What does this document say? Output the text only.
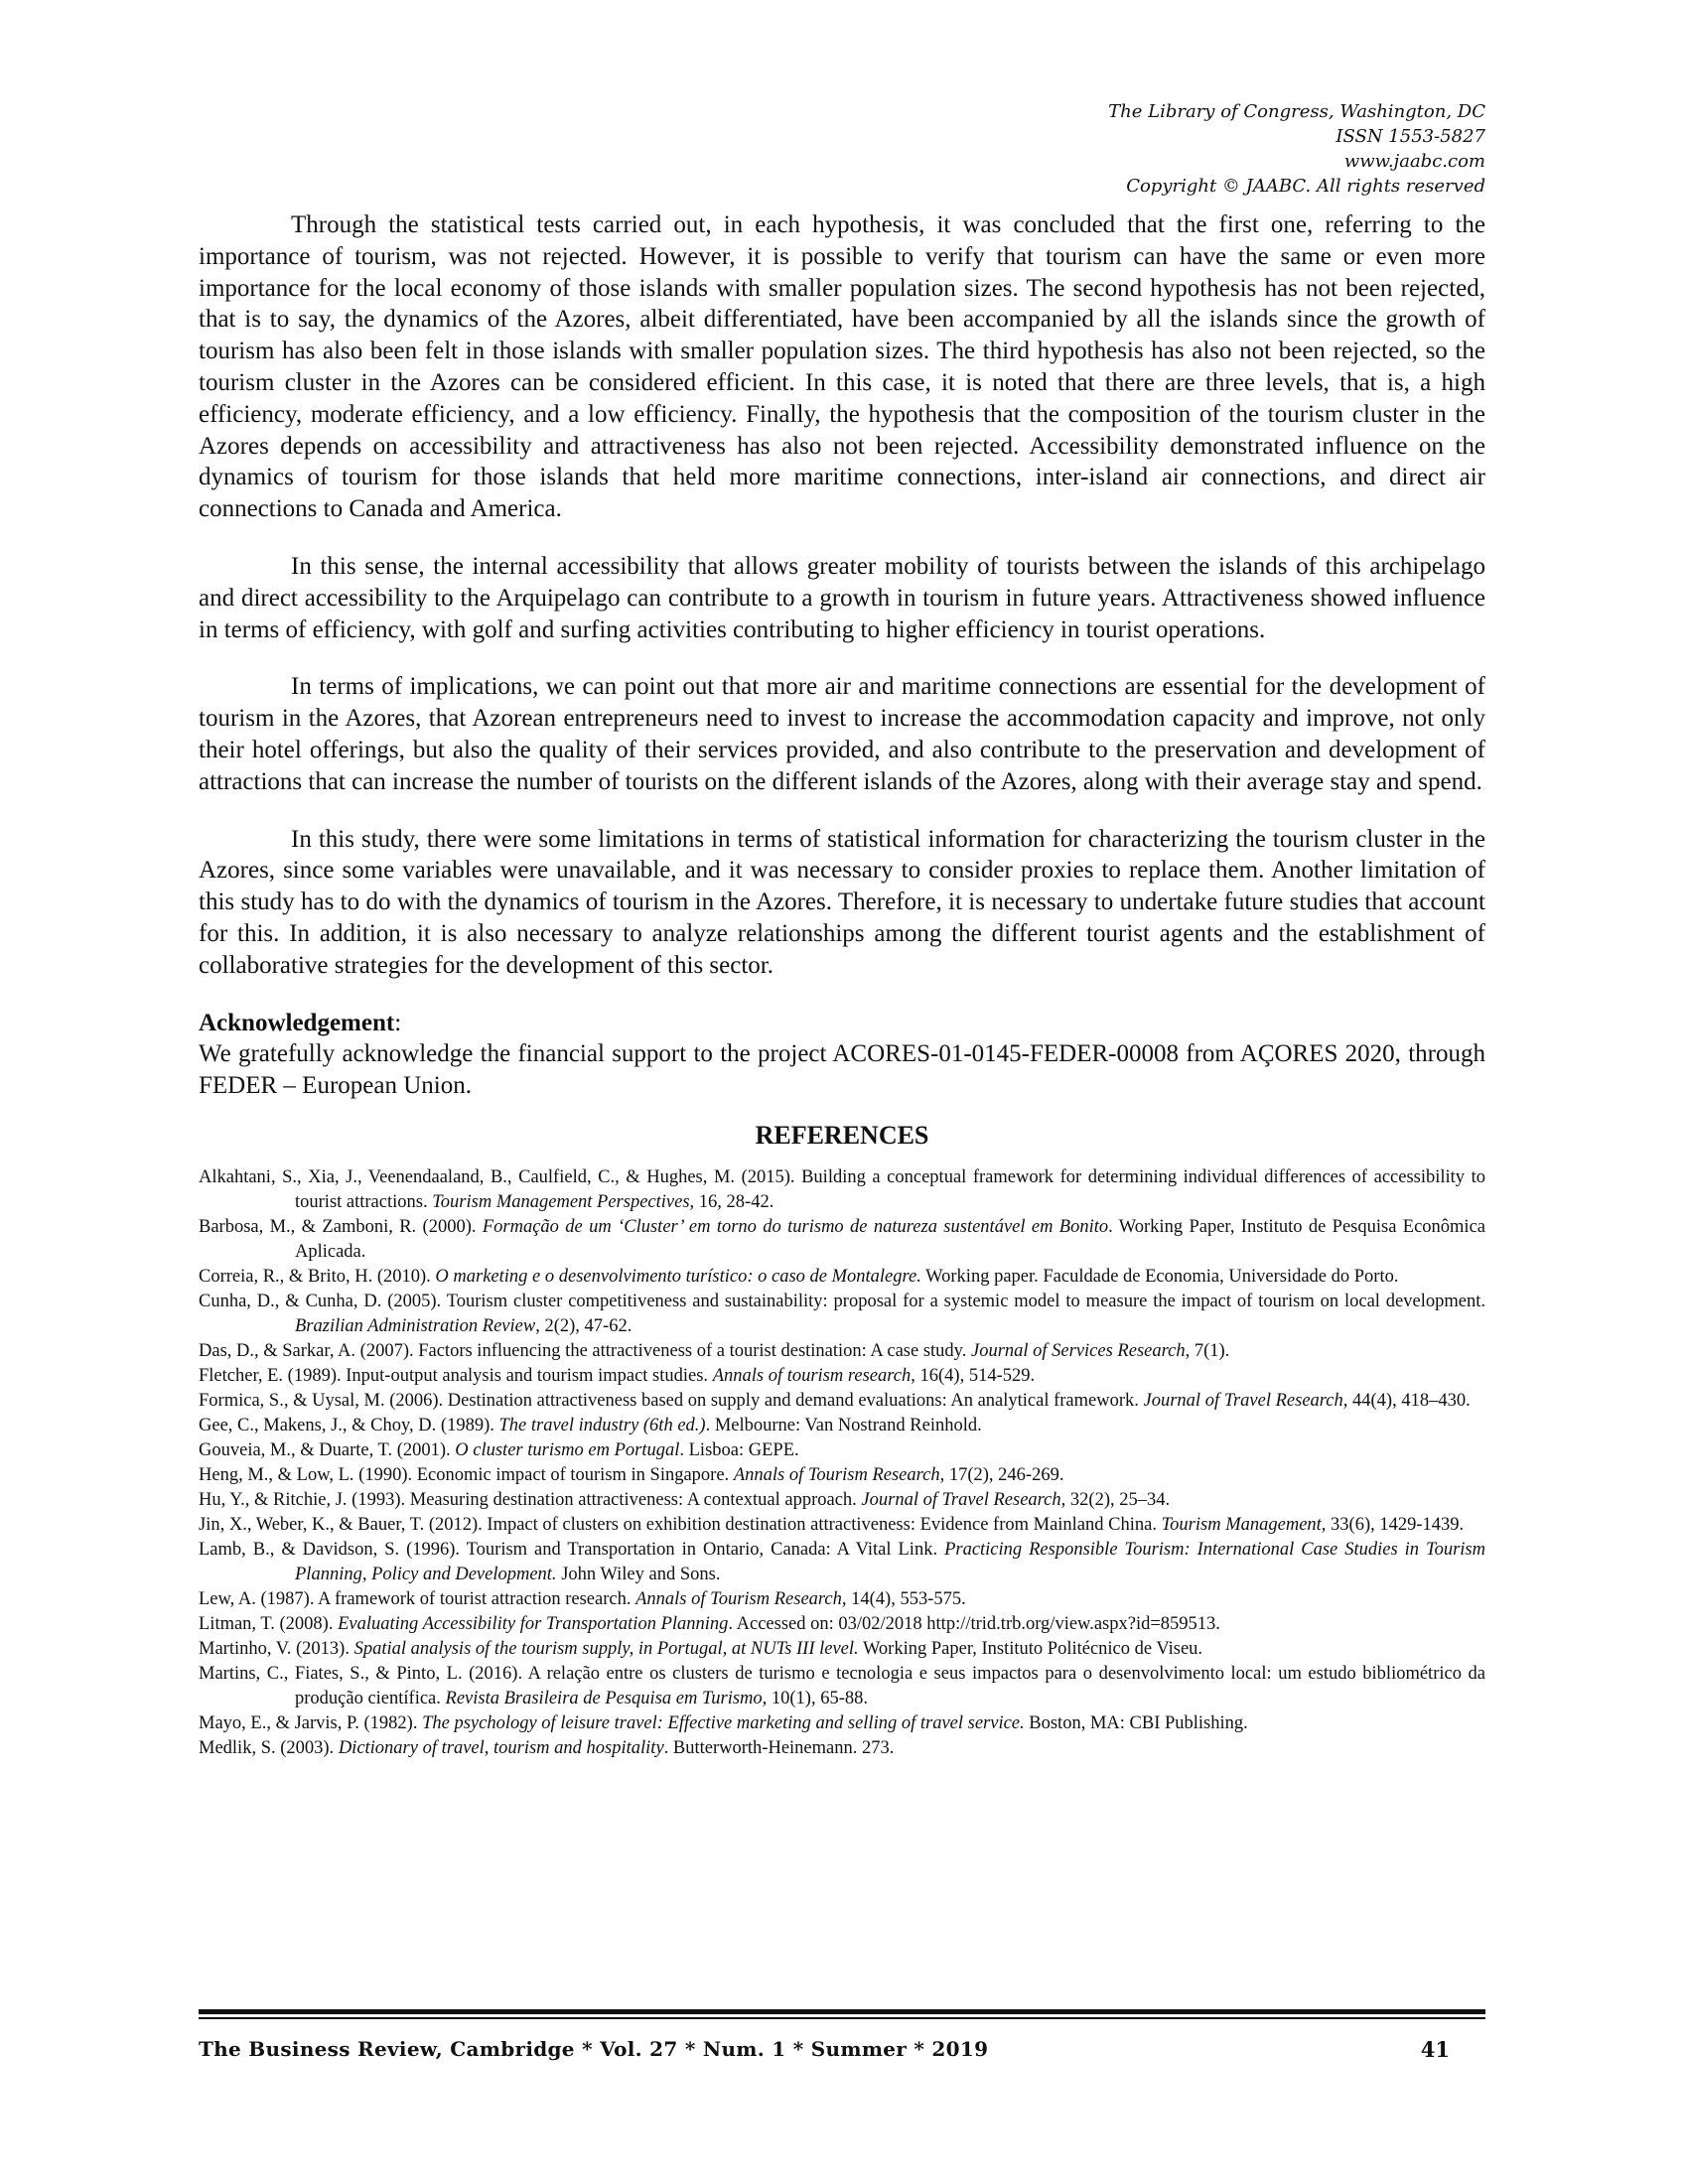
The Library of Congress, Washington, DC
ISSN 1553-5827
www.jaabc.com
Copyright © JAABC. All rights reserved

Through the statistical tests carried out, in each hypothesis, it was concluded that the first one, referring to the importance of tourism, was not rejected. However, it is possible to verify that tourism can have the same or even more importance for the local economy of those islands with smaller population sizes. The second hypothesis has not been rejected, that is to say, the dynamics of the Azores, albeit differentiated, have been accompanied by all the islands since the growth of tourism has also been felt in those islands with smaller population sizes. The third hypothesis has also not been rejected, so the tourism cluster in the Azores can be considered efficient. In this case, it is noted that there are three levels, that is, a high efficiency, moderate efficiency, and a low efficiency. Finally, the hypothesis that the composition of the tourism cluster in the Azores depends on accessibility and attractiveness has also not been rejected. Accessibility demonstrated influence on the dynamics of tourism for those islands that held more maritime connections, inter-island air connections, and direct air connections to Canada and America.

In this sense, the internal accessibility that allows greater mobility of tourists between the islands of this archipelago and direct accessibility to the Arquipelago can contribute to a growth in tourism in future years. Attractiveness showed influence in terms of efficiency, with golf and surfing activities contributing to higher efficiency in tourist operations.

In terms of implications, we can point out that more air and maritime connections are essential for the development of tourism in the Azores, that Azorean entrepreneurs need to invest to increase the accommodation capacity and improve, not only their hotel offerings, but also the quality of their services provided, and also contribute to the preservation and development of attractions that can increase the number of tourists on the different islands of the Azores, along with their average stay and spend.

In this study, there were some limitations in terms of statistical information for characterizing the tourism cluster in the Azores, since some variables were unavailable, and it was necessary to consider proxies to replace them. Another limitation of this study has to do with the dynamics of tourism in the Azores. Therefore, it is necessary to undertake future studies that account for this. In addition, it is also necessary to analyze relationships among the different tourist agents and the establishment of collaborative strategies for the development of this sector.

Acknowledgement:

We gratefully acknowledge the financial support to the project ACORES-01-0145-FEDER-00008 from AÇORES 2020, through FEDER – European Union.

REFERENCES

Alkahtani, S., Xia, J., Veenendaaland, B., Caulfield, C., & Hughes, M. (2015). Building a conceptual framework for determining individual differences of accessibility to tourist attractions. Tourism Management Perspectives, 16, 28-42.

Barbosa, M., & Zamboni, R. (2000). Formação de um ‘Cluster’ em torno do turismo de natureza sustentável em Bonito. Working Paper, Instituto de Pesquisa Econômica Aplicada.

Correia, R., & Brito, H. (2010). O marketing e o desenvolvimento turístico: o caso de Montalegre. Working paper. Faculdade de Economia, Universidade do Porto.

Cunha, D., & Cunha, D. (2005). Tourism cluster competitiveness and sustainability: proposal for a systemic model to measure the impact of tourism on local development. Brazilian Administration Review, 2(2), 47-62.

Das, D., & Sarkar, A. (2007). Factors influencing the attractiveness of a tourist destination: A case study. Journal of Services Research, 7(1).

Fletcher, E. (1989). Input-output analysis and tourism impact studies. Annals of tourism research, 16(4), 514-529.

Formica, S., & Uysal, M. (2006). Destination attractiveness based on supply and demand evaluations: An analytical framework. Journal of Travel Research, 44(4), 418–430.

Gee, C., Makens, J., & Choy, D. (1989). The travel industry (6th ed.). Melbourne: Van Nostrand Reinhold.

Gouveia, M., & Duarte, T. (2001). O cluster turismo em Portugal. Lisboa: GEPE.

Heng, M., & Low, L. (1990). Economic impact of tourism in Singapore. Annals of Tourism Research, 17(2), 246-269.

Hu, Y., & Ritchie, J. (1993). Measuring destination attractiveness: A contextual approach. Journal of Travel Research, 32(2), 25–34.

Jin, X., Weber, K., & Bauer, T. (2012). Impact of clusters on exhibition destination attractiveness: Evidence from Mainland China. Tourism Management, 33(6), 1429-1439.

Lamb, B., & Davidson, S. (1996). Tourism and Transportation in Ontario, Canada: A Vital Link. Practicing Responsible Tourism: International Case Studies in Tourism Planning, Policy and Development. John Wiley and Sons.

Lew, A. (1987). A framework of tourist attraction research. Annals of Tourism Research, 14(4), 553-575.

Litman, T. (2008). Evaluating Accessibility for Transportation Planning. Accessed on: 03/02/2018 http://trid.trb.org/view.aspx?id=859513.

Martinho, V. (2013). Spatial analysis of the tourism supply, in Portugal, at NUTs III level. Working Paper, Instituto Politécnico de Viseu.

Martins, C., Fiates, S., & Pinto, L. (2016). A relação entre os clusters de turismo e tecnologia e seus impactos para o desenvolvimento local: um estudo bibliométrico da produção científica. Revista Brasileira de Pesquisa em Turismo, 10(1), 65-88.

Mayo, E., & Jarvis, P. (1982). The psychology of leisure travel: Effective marketing and selling of travel service. Boston, MA: CBI Publishing.

Medlik, S. (2003). Dictionary of travel, tourism and hospitality. Butterworth-Heinemann. 273.

The Business Review, Cambridge * Vol. 27 * Num. 1 * Summer * 2019	41
